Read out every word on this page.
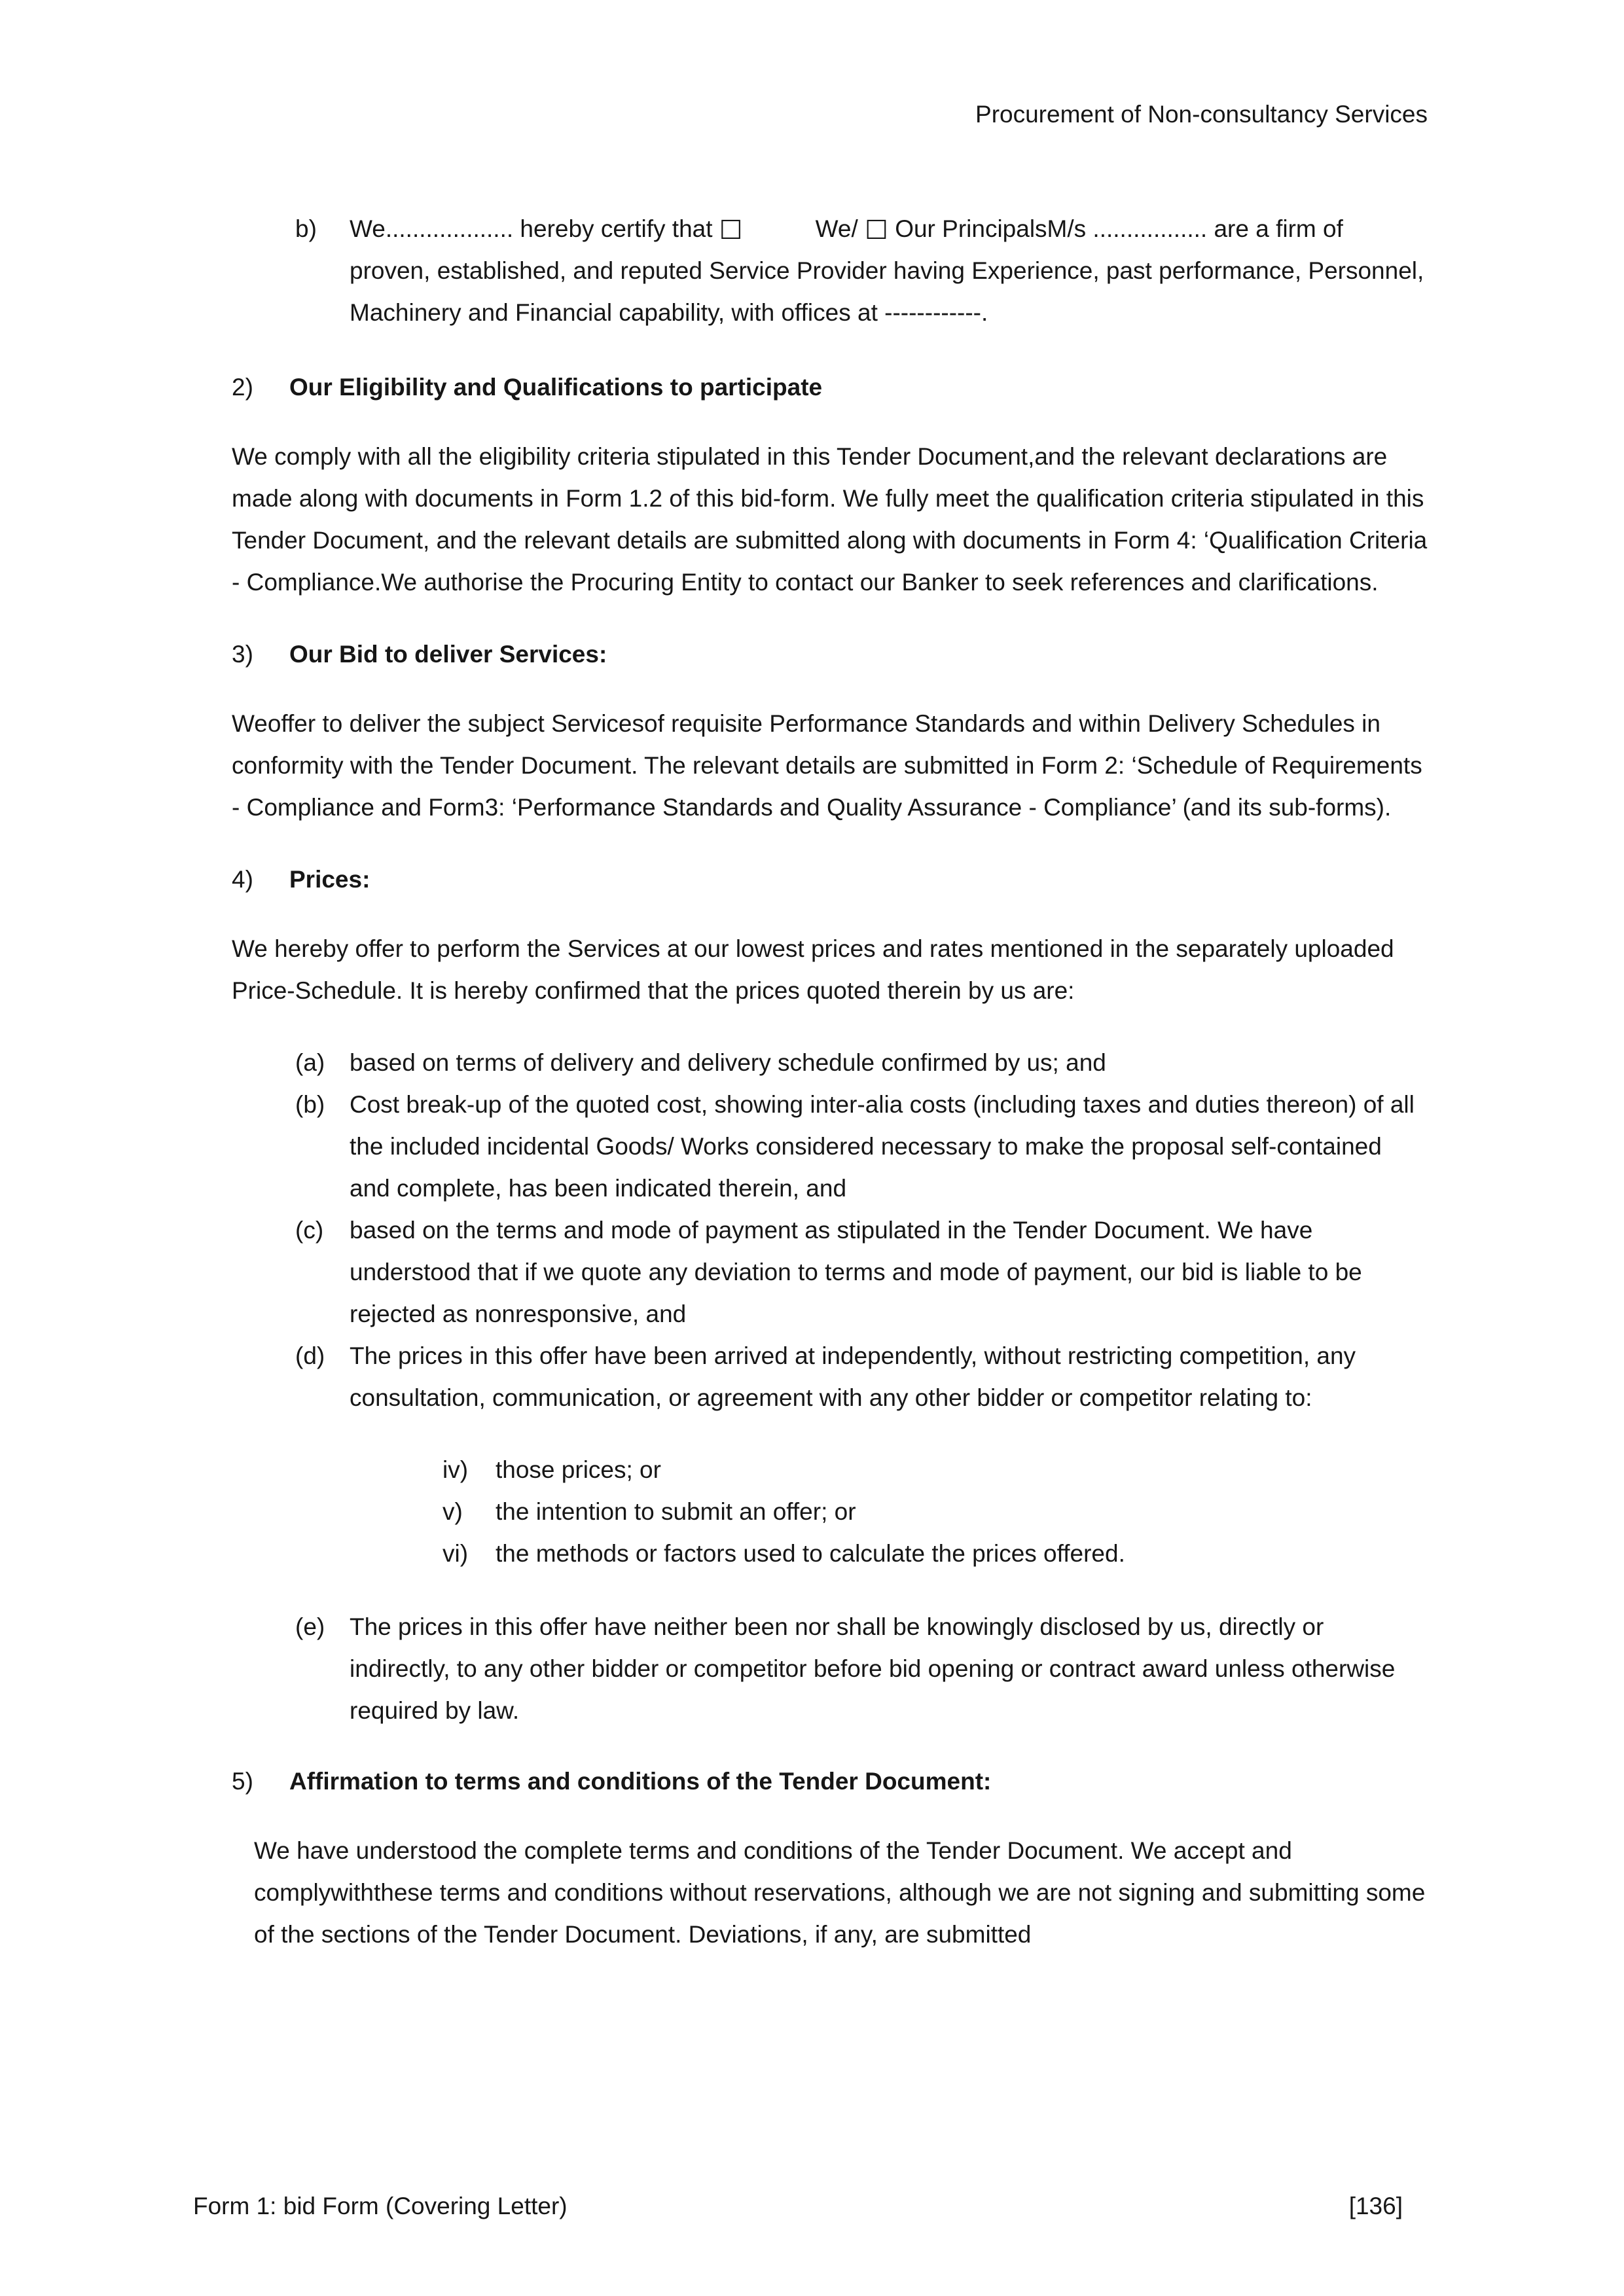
Procurement of Non-consultancy Services
b)	We................... hereby certify that ☐   We/ ☐ Our PrincipalsM/s ................. are a firm of proven, established, and reputed Service Provider having Experience, past performance, Personnel, Machinery and Financial capability, with offices at ------------.
2)	Our Eligibility and Qualifications to participate

We comply with all the eligibility criteria stipulated in this Tender Document,and the relevant declarations are made along with documents in Form 1.2 of this bid-form. We fully meet the qualification criteria stipulated in this Tender Document, and the relevant details are submitted along with documents in Form 4: ‘Qualification Criteria - Compliance.We authorise the Procuring Entity to contact our Banker to seek references and clarifications.

3)	Our Bid to deliver Services:

Weoffer to deliver the subject Servicesof requisite Performance Standards and within Delivery Schedules in conformity with the Tender Document. The relevant details are submitted in Form 2: ‘Schedule of Requirements - Compliance and Form3: ‘Performance Standards and Quality Assurance - Compliance’ (and its sub-forms).

4)	Prices:

We hereby offer to perform the Services at our lowest prices and rates mentioned in the separately uploaded Price-Schedule. It is hereby confirmed that the prices quoted therein by us are:

(a)	based on terms of delivery and delivery schedule confirmed by us; and
(b)	Cost break-up of the quoted cost, showing inter-alia costs (including taxes and duties thereon) of all the included incidental Goods/ Works considered necessary to make the proposal self-contained and complete, has been indicated therein, and
(c)	based on the terms and mode of payment as stipulated in the Tender Document. We have understood that if we quote any deviation to terms and mode of payment, our bid is liable to be rejected as nonresponsive, and
(d)	The prices in this offer have been arrived at independently, without restricting competition, any consultation, communication, or agreement with any other bidder or competitor relating to:
iv)	those prices; or
v)	the intention to submit an offer; or
vi)	the methods or factors used to calculate the prices offered.
(e)	The prices in this offer have neither been nor shall be knowingly disclosed by us, directly or indirectly, to any other bidder or competitor before bid opening or contract award unless otherwise required by law.
5)	Affirmation to terms and conditions of the Tender Document:

We have understood the complete terms and conditions of the Tender Document. We accept and complywiththese terms and conditions without reservations, although we are not signing and submitting some of the sections of the Tender Document. Deviations, if any, are submitted

Form 1: bid Form (Covering Letter)	[136]
